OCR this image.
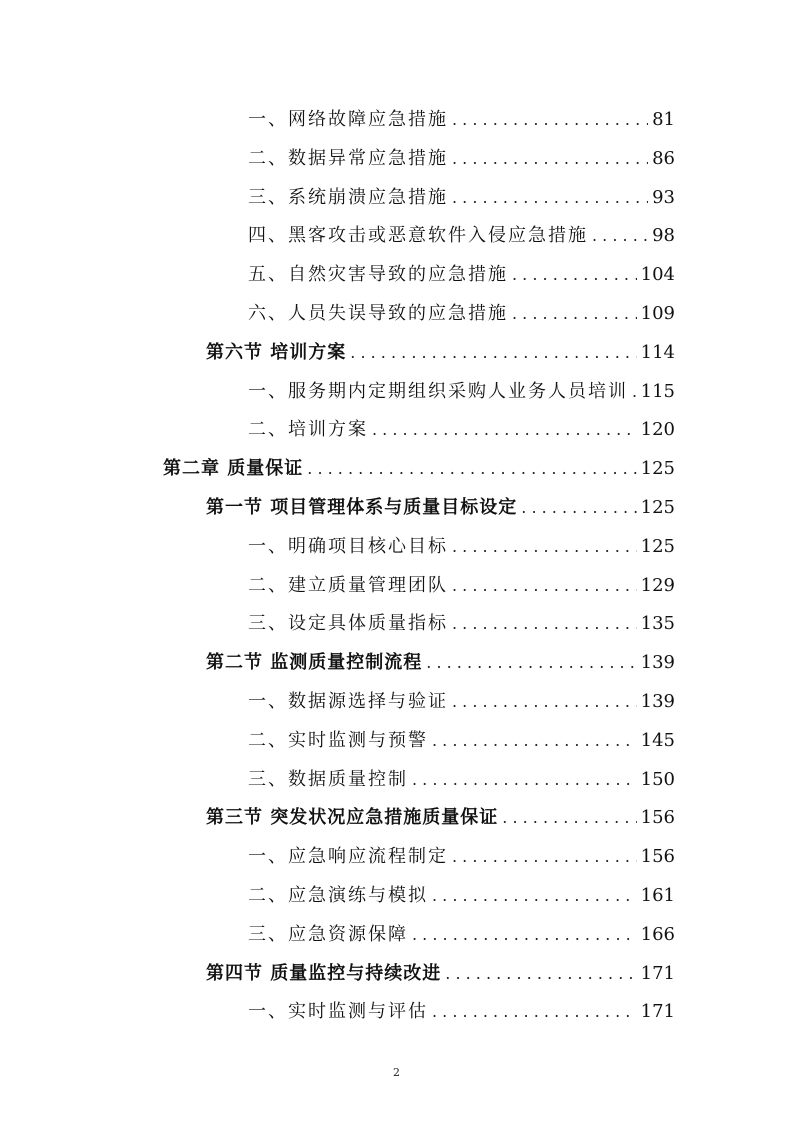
一、网络故障应急措施 . . .	81
二、数据异常应急措施 . . .	86
三、系统崩溃应急措施 . . .	93
四、黑客攻击或恶意软件入侵应急措施 . . .	98
五、自然灾害导致的应急措施 . . .	104
六、人员失误导致的应急措施 . . .	109
第六节 培训方案 . . .	114
一、服务期内定期组织采购人业务人员培训 . . . 115
二、培训方案 . . .	120
第二章 质量保证 . . .	125
第一节 项目管理体系与质量目标设定 . . .	125
一、明确项目核心目标 . . .	125
二、建立质量管理团队 . . .	129
三、设定具体质量指标 . . .	135
第二节 监测质量控制流程 . . .	139
一、数据源选择与验证 . . .	139
二、实时监测与预警 . . .	145
三、数据质量控制 . . .	150
第三节 突发状况应急措施质量保证 . . .	156
一、应急响应流程制定 . . .	156
二、应急演练与模拟 . . .	161
三、应急资源保障 . . .	166
第四节 质量监控与持续改进 . . .	171
一、实时监测与评估 . . .	171
2
